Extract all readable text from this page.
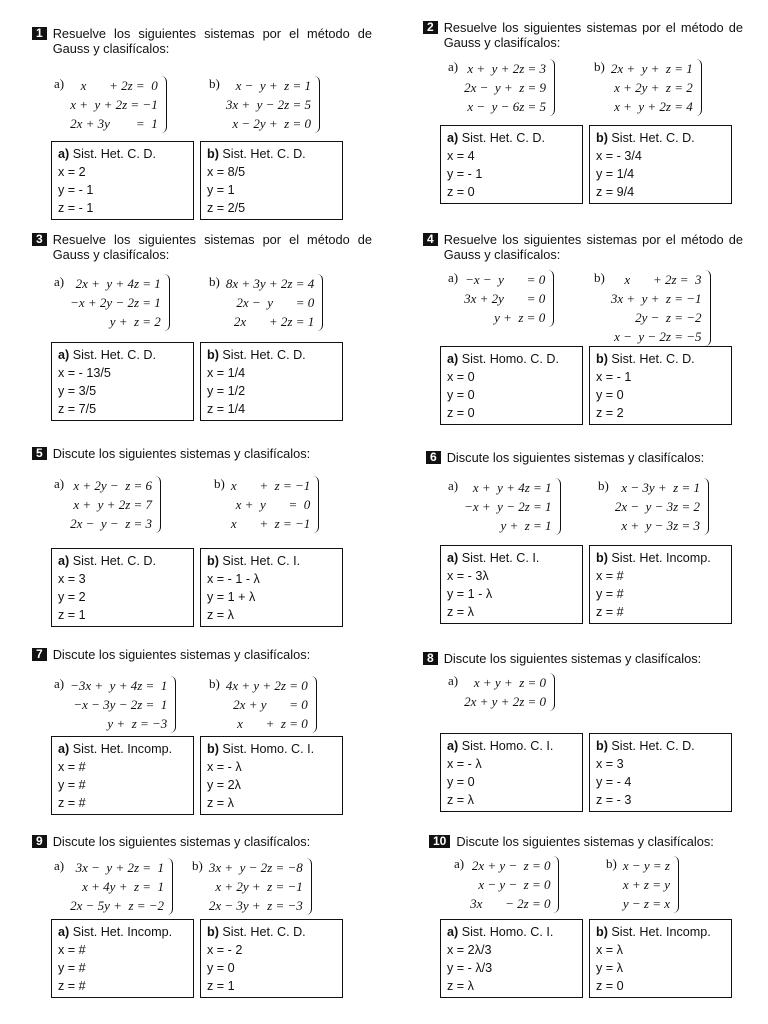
1 Resuelve los siguientes sistemas por el método de Gauss y clasifícalos:
a)	x       + 2z =  0
x +  y + 2z = −1
2x + 3y        =  1
b)	x −  y +  z = 1
3x +  y − 2z = 5
x − 2y +  z = 0
a) Sist. Het. C. D.
x = 2
y = - 1
z = - 1
b) Sist. Het. C. D.
x = 8/5
y = 1
z = 2/5
2 Resuelve los siguientes sistemas por el método de Gauss y clasifícalos:
a) x +  y + 2z = 3
2x −  y +  z = 9
x −  y − 6z = 5
b) 2x +  y +  z = 1
x + 2y +  z = 2
x +  y + 2z = 4
a) Sist. Het. C. D.
x = 4
y = - 1
z = 0
b) Sist. Het. C. D.
x = - 3/4
y = 1/4
z = 9/4
3 Resuelve los siguientes sistemas por el método de Gauss y clasifícalos:
a) 2x +  y + 4z = 1
−x + 2y − 2z = 1
y +  z = 2
b) 8x + 3y + 2z = 4
2x −  y       = 0
2x       + 2z = 1
a) Sist. Het. C. D.
x = - 13/5
y = 3/5
z = 7/5
b) Sist. Het. C. D.
x = 1/4
y = 1/2
z = 1/4
4 Resuelve los siguientes sistemas por el método de Gauss y clasifícalos:
a) −x −  y       = 0
3x + 2y       = 0
y +  z = 0
b)	x       + 2z =  3
3x +  y +  z = −1
2y −  z = −2
x −  y − 2z = −5
a) Sist. Homo. C. D.
x = 0
y = 0
z = 0
b) Sist. Het. C. D.
x = - 1
y = 0
z = 2
5 Discute los siguientes sistemas y clasifícalos:
a) x + 2y −  z = 6
x +  y + 2z = 7
2x −  y −  z = 3
b) x       +  z = −1
x +  y       =  0
x       +  z = −1
a) Sist. Het. C. D.
x = 3
y = 2
z = 1
b) Sist. Het. C. I.
x = - 1 - λ
y = 1 + λ
z = λ
6 Discute los siguientes sistemas y clasifícalos:
a)	x +  y + 4z = 1
−x +  y − 2z = 1
y +  z = 1
b) x − 3y +  z = 1
2x −  y − 3z = 2
x +  y − 3z = 3
a) Sist. Het. C. I.
x = - 3λ
y = 1 - λ
z = λ
b) Sist. Het. Incomp.
x = #
y = #
z = #
7 Discute los siguientes sistemas y clasifícalos:
a) −3x +  y + 4z =  1
−x − 3y − 2z =  1
y +  z = −3
b) 4x + y + 2z = 0
2x + y       = 0
x       +  z = 0
a) Sist. Het. Incomp.
x = #
y = #
z = #
b) Sist. Homo. C. I.
x = - λ
y = 2λ
z = λ
8 Discute los siguientes sistemas y clasifícalos:
a)	x + y +  z = 0
2x + y + 2z = 0
a) Sist. Homo. C. I.
x = - λ
y = 0
z = λ
b) Sist. Het. C. D.
x = 3
y = - 4
z = - 3
9 Discute los siguientes sistemas y clasifícalos:
a) 3x −  y + 2z =  1
x + 4y +  z =  1
2x − 5y +  z = −2
b) 3x +  y − 2z = −8
x + 2y +  z = −1
2x − 3y +  z = −3
a) Sist. Het. Incomp.
x = #
y = #
z = #
b) Sist. Het. C. D.
x = - 2
y = 0
z = 1
10 Discute los siguientes sistemas y clasifícalos:
a) 2x + y −  z = 0
x − y −  z = 0
3x       − 2z = 0
b) x − y = z
x + z = y
y − z = x
a) Sist. Homo. C. I.
x = 2λ/3
y = - λ/3
z = λ
b) Sist. Het. Incomp.
x = λ
y = λ
z = 0
